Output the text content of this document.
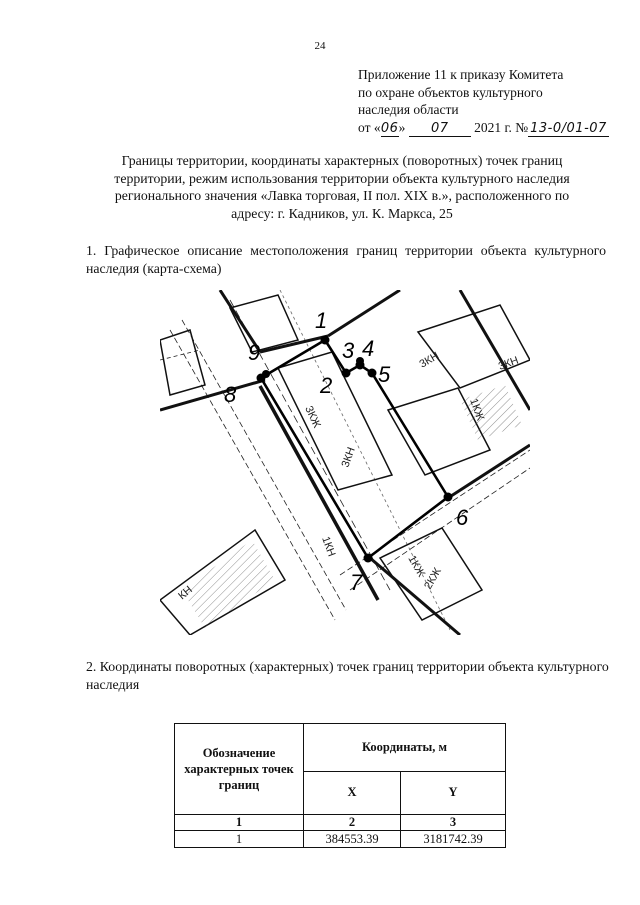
24
Приложение 11 к приказу Комитета
по охране объектов культурного
наследия области
от «06» 07 2021 г. № 13-0/01-07
Границы территории, координаты характерных (поворотных) точек границ
территории, режим использования территории объекта культурного наследия
регионального значения «Лавка торговая, II пол. XIX в.», расположенного по
адресу: г. Кадников, ул. К. Маркса, 25
1. Графическое описание местоположения границ территории объекта культурного наследия (карта-схема)
3КЖ
3КН
3КН
1КЖ
2КЖ
1КЖ
3КН
1КН
КН
1
2
3 4
5
6
7
8
9
2. Координаты поворотных (характерных) точек границ территории объекта культурного наследия
Обозначение характерных точек границ	Координаты, м	
	X	Y
1	2	3
1	384553.39	3181742.39
